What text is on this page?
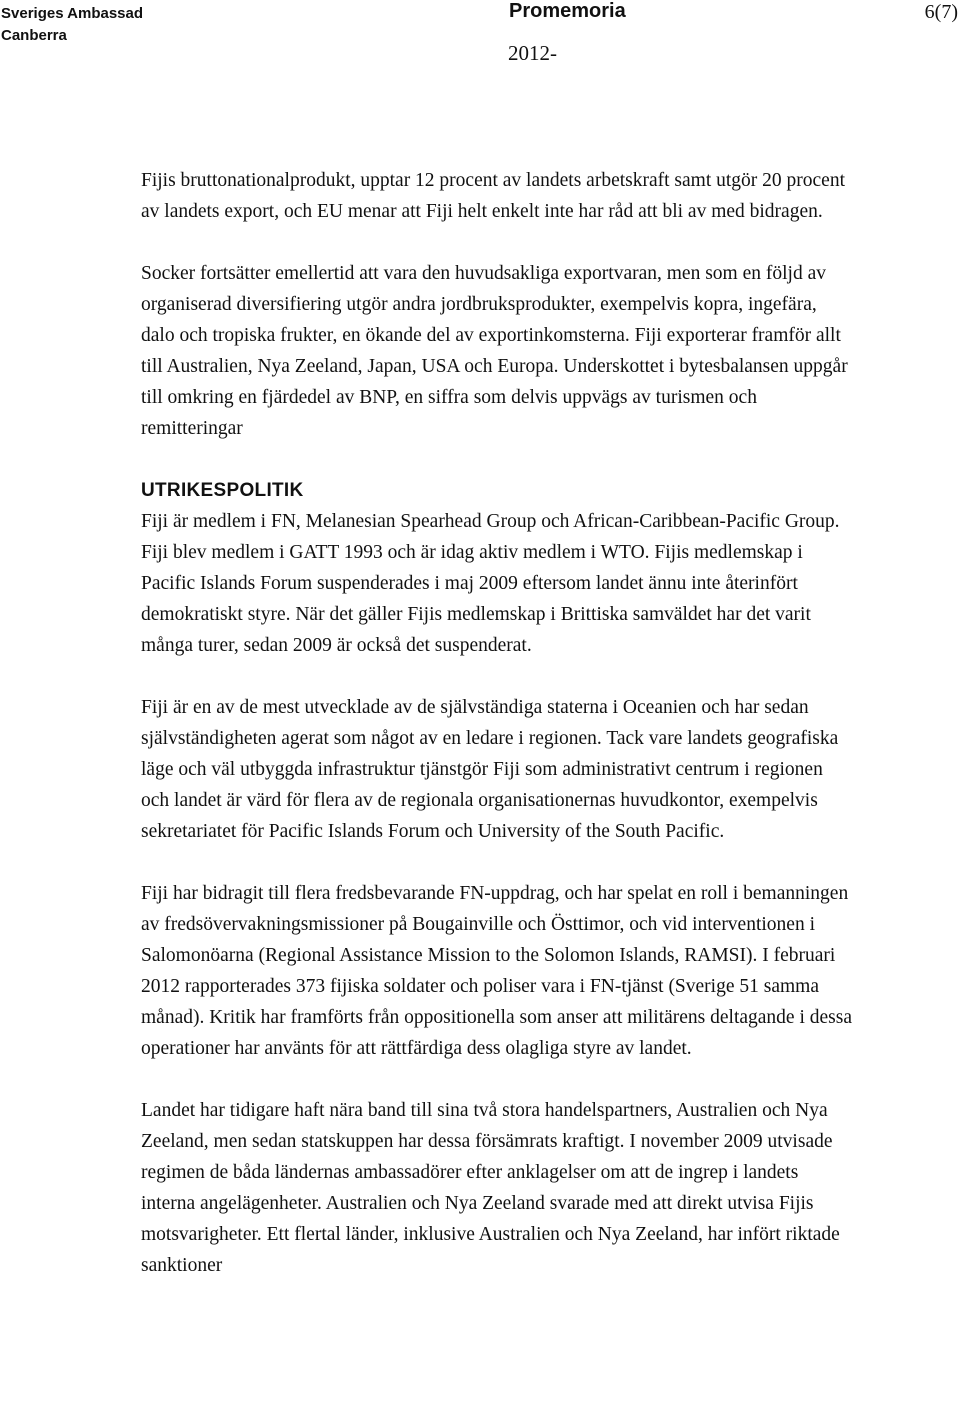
Sveriges Ambassad
Canberra
Promemoria
2012-
6(7)

Fijis bruttonationalprodukt, upptar 12 procent av landets arbetskraft samt utgör 20 procent av landets export, och EU menar att Fiji helt enkelt inte har råd att bli av med bidragen.

Socker fortsätter emellertid att vara den huvudsakliga exportvaran, men som en följd av organiserad diversifiering utgör andra jordbruksprodukter, exempelvis kopra, ingefära, dalo och tropiska frukter, en ökande del av exportinkomsterna. Fiji exporterar framför allt till Australien, Nya Zeeland, Japan, USA och Europa. Underskottet i bytesbalansen uppgår till omkring en fjärdedel av BNP, en siffra som delvis uppvägs av turismen och remitteringar

UTRIKESPOLITIK

Fiji är medlem i FN, Melanesian Spearhead Group och African-Caribbean-Pacific Group. Fiji blev medlem i GATT 1993 och är idag aktiv medlem i WTO. Fijis medlemskap i Pacific Islands Forum suspenderades i maj 2009 eftersom landet ännu inte återinfört demokratiskt styre. När det gäller Fijis medlemskap i Brittiska samväldet har det varit många turer, sedan 2009 är också det suspenderat.

Fiji är en av de mest utvecklade av de självständiga staterna i Oceanien och har sedan självständigheten agerat som något av en ledare i regionen. Tack vare landets geografiska läge och väl utbyggda infrastruktur tjänstgör Fiji som administrativt centrum i regionen och landet är värd för flera av de regionala organisationernas huvudkontor, exempelvis sekretariatet för Pacific Islands Forum och University of the South Pacific.

Fiji har bidragit till flera fredsbevarande FN-uppdrag, och har spelat en roll i bemanningen av fredsövervakningsmissioner på Bougainville och Östtimor, och vid interventionen i Salomonöarna (Regional Assistance Mission to the Solomon Islands, RAMSI). I februari 2012 rapporterades 373 fijiska soldater och poliser vara i FN-tjänst (Sverige 51 samma månad). Kritik har framförts från oppositionella som anser att militärens deltagande i dessa operationer har använts för att rättfärdiga dess olagliga styre av landet.

Landet har tidigare haft nära band till sina två stora handelspartners, Australien och Nya Zeeland, men sedan statskuppen har dessa försämrats kraftigt. I november 2009 utvisade regimen de båda ländernas ambassadörer efter anklagelser om att de ingrep i landets interna angelägenheter. Australien och Nya Zeeland svarade med att direkt utvisa Fijis motsvarigheter. Ett flertal länder, inklusive Australien och Nya Zeeland, har infört riktade sanktioner
